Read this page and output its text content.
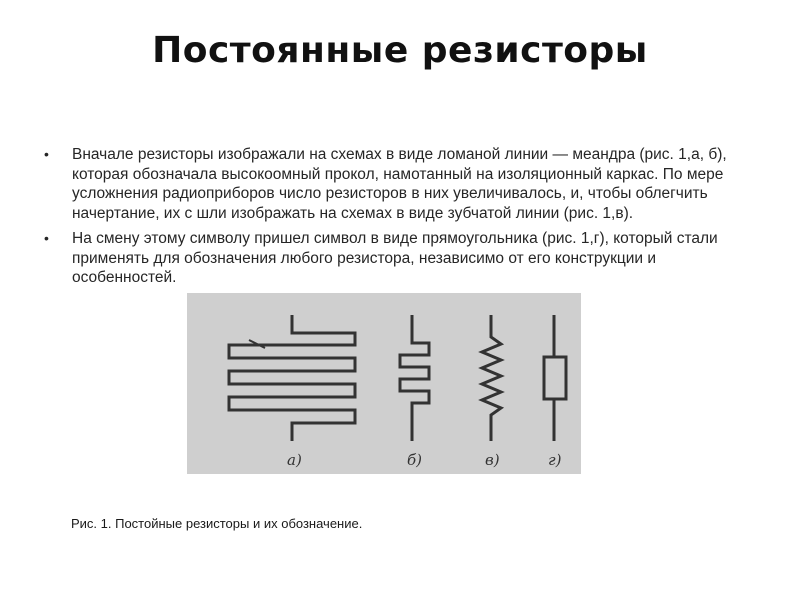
Постоянные резисторы
• Вначале резисторы изображали на схемах в виде ломаной линии — меандра (рис. 1,а, б), которая обозначала высокоомный прокол, намотанный на изоляционный каркас. По мере усложнения радиоприборов число резисторов в них увеличивалось, и, чтобы облегчить начертание, их с шли изображать на схемах в виде зубчатой линии (рис. 1,в).
• На смену этому символу пришел символ в виде прямоугольника (рис. 1,г), который стали применять для обозначения любого резистора, независимо от его конструкции и особенностей.
а)	б)	в)	г)
Рис. 1. Постойные резисторы и их обозначение.
